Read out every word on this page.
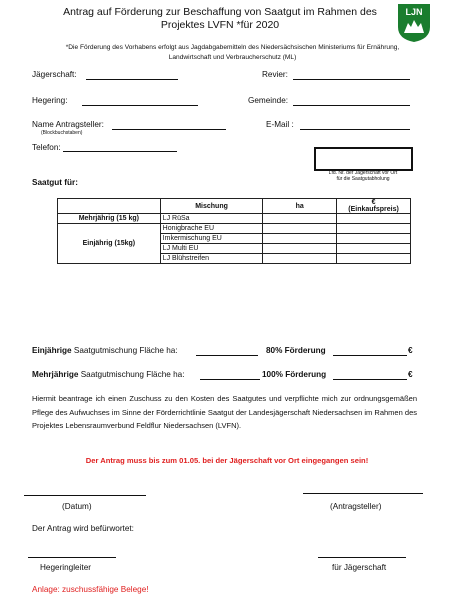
Antrag auf Förderung zur Beschaffung von Saatgut im Rahmen des
Projektes LVFN *für 2020
LJN
*Die Förderung des Vorhabens erfolgt aus Jagdabgabemitteln des Niedersächsischen Ministeriums für Ernährung,
Landwirtschaft und Verbraucherschutz (ML)
Jägerschaft:	Revier:
Hegering:	Gemeinde:
Name Antragsteller:
(Blockbuchstaben)
E-Mail :
Telefon:
Lfd. Nr. der Jägerschaft vor Ort
für die Saatgutabholung
Saatgut für:
	Mischung	ha	€
(Einkaufspreis)

Mehrjährig (15 kg)	LJ RüSa		
Einjährig (15kg)	Honigbrache EU		
	Imkermischung EU		
	LJ Multi EU		
	LJ Blühstreifen		
Einjährige Saatgutmischung Fläche ha:	80% Förderung	€
Mehrjährige Saatgutmischung Fläche ha:	100% Förderung	€
Hiermit beantrage ich einen Zuschuss zu den Kosten des Saatgutes und verpflichte mich zur ordnungsgemäßen Pflege des Aufwuchses im Sinne der Förderrichtlinie Saatgut der Landesjägerschaft Niedersachsen im Rahmen des Projektes Lebensraumverbund Feldflur Niedersachsen (LVFN).
Der Antrag muss bis zum 01.05. bei der Jägerschaft vor Ort eingegangen sein!
(Datum)	(Antragsteller)
Der Antrag wird befürwortet:
Hegeringleiter	für Jägerschaft
Anlage: zuschussfähige Belege!
